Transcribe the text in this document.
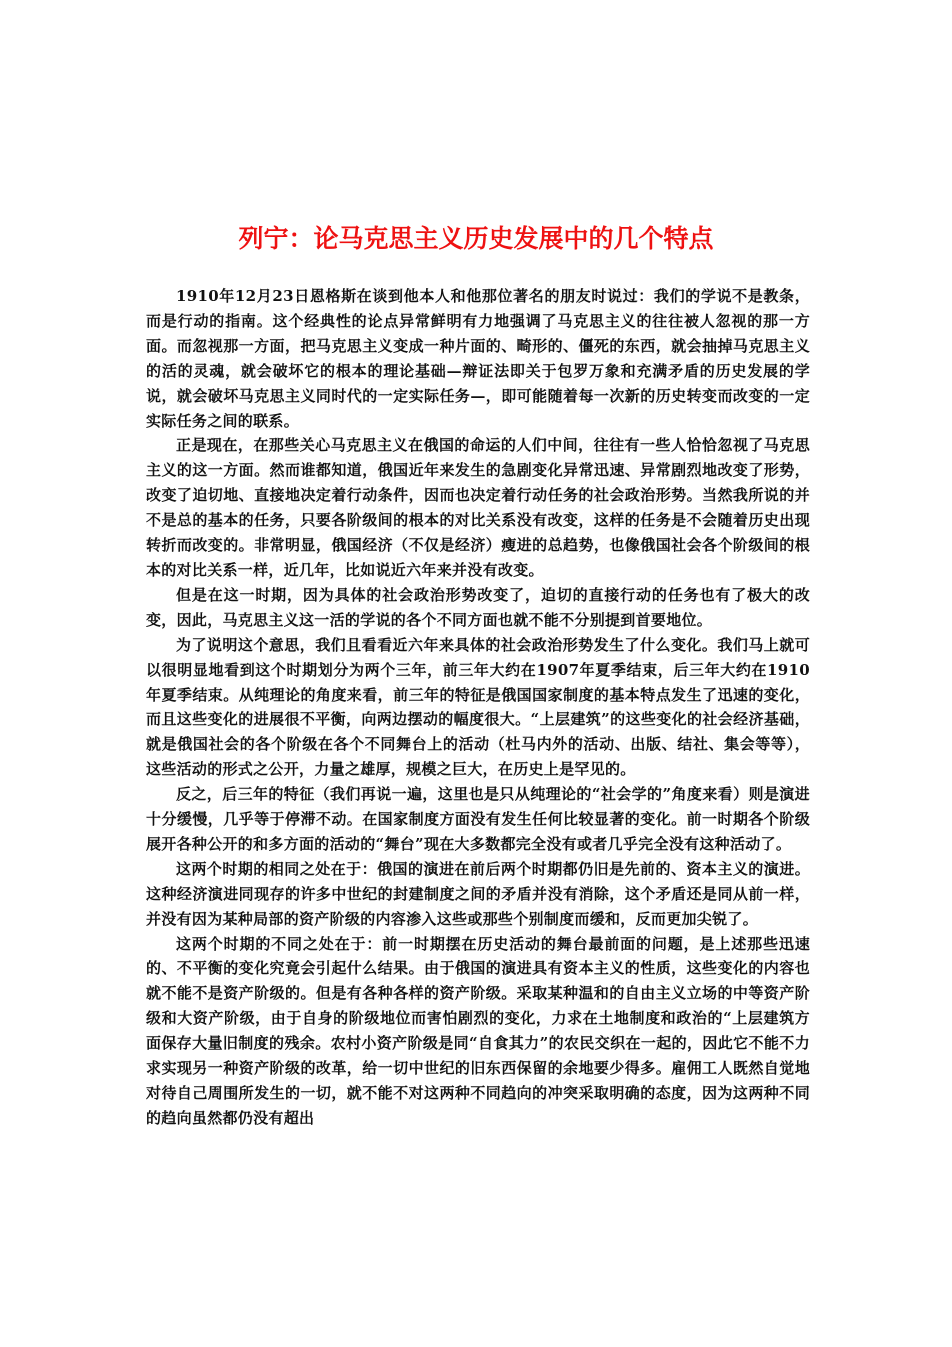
列宁：论马克思主义历史发展中的几个特点

1910年12月23日恩格斯在谈到他本人和他那位著名的朋友时说过：我们的学说不是教条，而是行动的指南。这个经典性的论点异常鲜明有力地强调了马克思主义的往往被人忽视的那一方面。而忽视那一方面，把马克思主义变成一种片面的、畸形的、僵死的东西，就会抽掉马克思主义的活的灵魂，就会破坏它的根本的理论基础—辩证法即关于包罗万象和充满矛盾的历史发展的学说，就会破坏马克思主义同时代的一定实际任务—，即可能随着每一次新的历史转变而改变的一定实际任务之间的联系。

正是现在，在那些关心马克思主义在俄国的命运的人们中间，往往有一些人恰恰忽视了马克思主义的这一方面。然而谁都知道，俄国近年来发生的急剧变化异常迅速、异常剧烈地改变了形势，改变了迫切地、直接地决定着行动条件，因而也决定着行动任务的社会政治形势。当然我所说的并不是总的基本的任务，只要各阶级间的根本的对比关系没有改变，这样的任务是不会随着历史出现转折而改变的。非常明显，俄国经济（不仅是经济）瘦进的总趋势，也像俄国社会各个阶级间的根本的对比关系一样，近几年，比如说近六年来并没有改变。

但是在这一时期，因为具体的社会政治形势改变了，迫切的直接行动的任务也有了极大的改变，因此，马克思主义这一活的学说的各个不同方面也就不能不分别提到首要地位。

为了说明这个意思，我们且看看近六年来具体的社会政治形势发生了什么变化。我们马上就可以很明显地看到这个时期划分为两个三年，前三年大约在1907年夏季结束，后三年大约在1910年夏季结束。从纯理论的角度来看，前三年的特征是俄国国家制度的基本特点发生了迅速的变化，而且这些变化的进展很不平衡，向两边摆动的幅度很大。“上层建筑”的这些变化的社会经济基础，就是俄国社会的各个阶级在各个不同舞台上的活动（杜马内外的活动、出版、结社、集会等等），这些活动的形式之公开，力量之雄厚，规模之巨大，在历史上是罕见的。

反之，后三年的特征（我们再说一遍，这里也是只从纯理论的“社会学的”角度来看）则是演进十分缓慢，几乎等于停滞不动。在国家制度方面没有发生任何比较显著的变化。前一时期各个阶级展开各种公开的和多方面的活动的“舞台”现在大多数都完全没有或者几乎完全没有这种活动了。

这两个时期的相同之处在于：俄国的演进在前后两个时期都仍旧是先前的、资本主义的演进。这种经济演进同现存的许多中世纪的封建制度之间的矛盾并没有消除，这个矛盾还是同从前一样，并没有因为某种局部的资产阶级的内容渗入这些或那些个别制度而缓和，反而更加尖锐了。

这两个时期的不同之处在于：前一时期摆在历史活动的舞台最前面的问题，是上述那些迅速的、不平衡的变化究竟会引起什么结果。由于俄国的演进具有资本主义的性质，这些变化的内容也就不能不是资产阶级的。但是有各种各样的资产阶级。采取某种温和的自由主义立场的中等资产阶级和大资产阶级，由于自身的阶级地位而害怕剧烈的变化，力求在土地制度和政治的“上层建筑方面保存大量旧制度的残余。农村小资产阶级是同“自食其力”的农民交织在一起的，因此它不能不力求实现另一种资产阶级的改革，给一切中世纪的旧东西保留的余地要少得多。雇佣工人既然自觉地对待自己周围所发生的一切，就不能不对这两种不同趋向的冲突采取明确的态度，因为这两种不同的趋向虽然都仍没有超出
